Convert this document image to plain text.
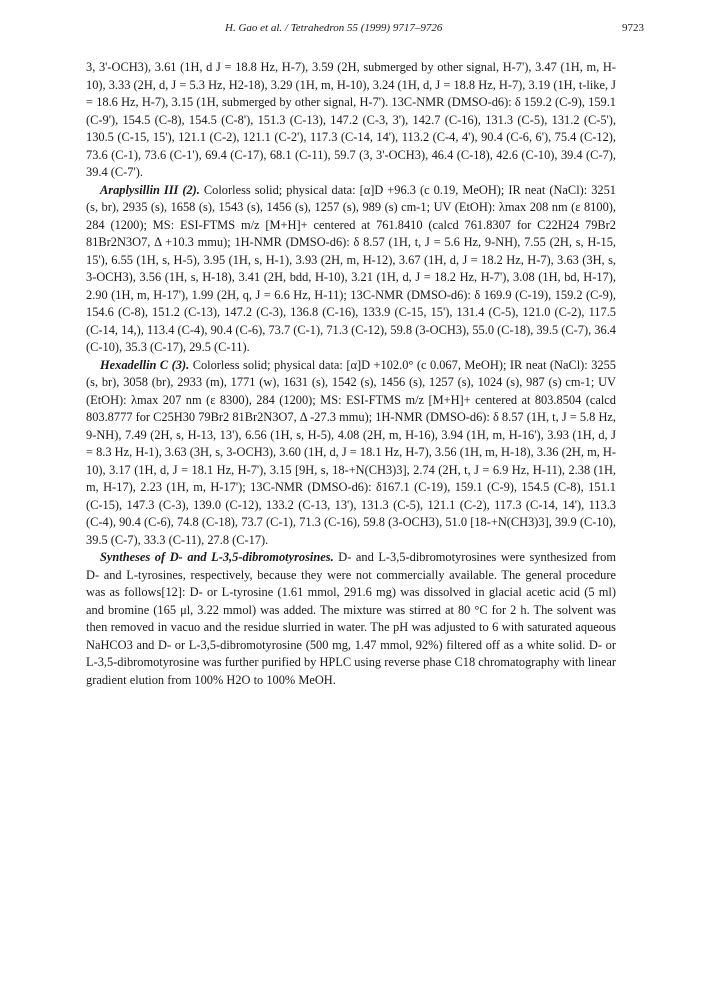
H. Gao et al. / Tetrahedron 55 (1999) 9717–9726	9723

3, 3'-OCH3), 3.61 (1H, d J = 18.8 Hz, H-7), 3.59 (2H, submerged by other signal, H-7'), 3.47 (1H, m, H-10), 3.33 (2H, d, J = 5.3 Hz, H2-18), 3.29 (1H, m, H-10), 3.24 (1H, d, J = 18.8 Hz, H-7), 3.19 (1H, t-like, J = 18.6 Hz, H-7), 3.15 (1H, submerged by other signal, H-7'). 13C-NMR (DMSO-d6): δ 159.2 (C-9), 159.1 (C-9'), 154.5 (C-8), 154.5 (C-8'), 151.3 (C-13), 147.2 (C-3, 3'), 142.7 (C-16), 131.3 (C-5), 131.2 (C-5'), 130.5 (C-15, 15'), 121.1 (C-2), 121.1 (C-2'), 117.3 (C-14, 14'), 113.2 (C-4, 4'), 90.4 (C-6, 6'), 75.4 (C-12), 73.6 (C-1), 73.6 (C-1'), 69.4 (C-17), 68.1 (C-11), 59.7 (3, 3'-OCH3), 46.4 (C-18), 42.6 (C-10), 39.4 (C-7), 39.4 (C-7').

Araplysillin III (2). Colorless solid; physical data: [α]D +96.3 (c 0.19, MeOH); IR neat (NaCl): 3251 (s, br), 2935 (s), 1658 (s), 1543 (s), 1456 (s), 1257 (s), 989 (s) cm-1; UV (EtOH): λmax 208 nm (ε 8100), 284 (1200); MS: ESI-FTMS m/z [M+H]+ centered at 761.8410 (calcd 761.8307 for C22H24 79Br2 81Br2N3O7, Δ +10.3 mmu); 1H-NMR (DMSO-d6): δ 8.57 (1H, t, J = 5.6 Hz, 9-NH), 7.55 (2H, s, H-15, 15'), 6.55 (1H, s, H-5), 3.95 (1H, s, H-1), 3.93 (2H, m, H-12), 3.67 (1H, d, J = 18.2 Hz, H-7), 3.63 (3H, s, 3-OCH3), 3.56 (1H, s, H-18), 3.41 (2H, bdd, H-10), 3.21 (1H, d, J = 18.2 Hz, H-7'), 3.08 (1H, bd, H-17), 2.90 (1H, m, H-17'), 1.99 (2H, q, J = 6.6 Hz, H-11); 13C-NMR (DMSO-d6): δ 169.9 (C-19), 159.2 (C-9), 154.6 (C-8), 151.2 (C-13), 147.2 (C-3), 136.8 (C-16), 133.9 (C-15, 15'), 131.4 (C-5), 121.0 (C-2), 117.5 (C-14, 14,), 113.4 (C-4), 90.4 (C-6), 73.7 (C-1), 71.3 (C-12), 59.8 (3-OCH3), 55.0 (C-18), 39.5 (C-7), 36.4 (C-10), 35.3 (C-17), 29.5 (C-11).

Hexadellin C (3). Colorless solid; physical data: [α]D +102.0° (c 0.067, MeOH); IR neat (NaCl): 3255 (s, br), 3058 (br), 2933 (m), 1771 (w), 1631 (s), 1542 (s), 1456 (s), 1257 (s), 1024 (s), 987 (s) cm-1; UV (EtOH): λmax 207 nm (ε 8300), 284 (1200); MS: ESI-FTMS m/z [M+H]+ centered at 803.8504 (calcd 803.8777 for C25H30 79Br2 81Br2N3O7, Δ -27.3 mmu); 1H-NMR (DMSO-d6): δ 8.57 (1H, t, J = 5.8 Hz, 9-NH), 7.49 (2H, s, H-13, 13'), 6.56 (1H, s, H-5), 4.08 (2H, m, H-16), 3.94 (1H, m, H-16'), 3.93 (1H, d, J = 8.3 Hz, H-1), 3.63 (3H, s, 3-OCH3), 3.60 (1H, d, J = 18.1 Hz, H-7), 3.56 (1H, m, H-18), 3.36 (2H, m, H-10), 3.17 (1H, d, J = 18.1 Hz, H-7'), 3.15 [9H, s, 18-+N(CH3)3], 2.74 (2H, t, J = 6.9 Hz, H-11), 2.38 (1H, m, H-17), 2.23 (1H, m, H-17'); 13C-NMR (DMSO-d6): δ167.1 (C-19), 159.1 (C-9), 154.5 (C-8), 151.1 (C-15), 147.3 (C-3), 139.0 (C-12), 133.2 (C-13, 13'), 131.3 (C-5), 121.1 (C-2), 117.3 (C-14, 14'), 113.3 (C-4), 90.4 (C-6), 74.8 (C-18), 73.7 (C-1), 71.3 (C-16), 59.8 (3-OCH3), 51.0 [18-+N(CH3)3], 39.9 (C-10), 39.5 (C-7), 33.3 (C-11), 27.8 (C-17).

Syntheses of D- and L-3,5-dibromotyrosines. D- and L-3,5-dibromotyrosines were synthesized from D- and L-tyrosines, respectively, because they were not commercially available. The general procedure was as follows[12]: D- or L-tyrosine (1.61 mmol, 291.6 mg) was dissolved in glacial acetic acid (5 ml) and bromine (165 μl, 3.22 mmol) was added. The mixture was stirred at 80 °C for 2 h. The solvent was then removed in vacuo and the residue slurried in water. The pH was adjusted to 6 with saturated aqueous NaHCO3 and D- or L-3,5-dibromotyrosine (500 mg, 1.47 mmol, 92%) filtered off as a white solid. D- or L-3,5-dibromotyrosine was further purified by HPLC using reverse phase C18 chromatography with linear gradient elution from 100% H2O to 100% MeOH.
